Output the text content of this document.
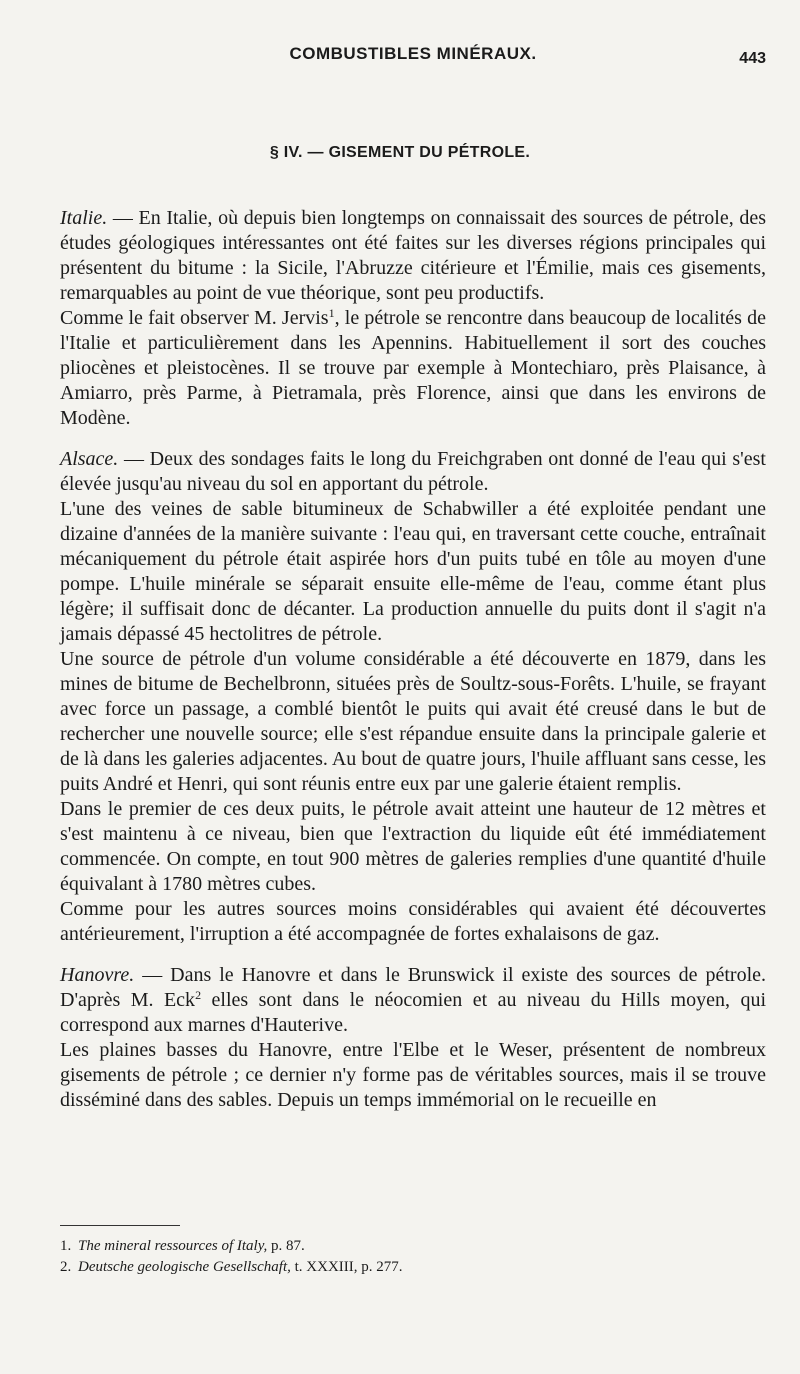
COMBUSTIBLES MINÉRAUX.	443
§ IV. — GISEMENT DU PÉTROLE.

Italie. — En Italie, où depuis bien longtemps on connaissait des sources de pétrole, des études géologiques intéressantes ont été faites sur les diverses régions principales qui présentent du bitume : la Sicile, l'Abruzze citérieure et l'Émilie, mais ces gisements, remarquables au point de vue théorique, sont peu productifs.

Comme le fait observer M. Jervis$^1$, le pétrole se rencontre dans beaucoup de localités de l'Italie et particulièrement dans les Apennins. Habituellement il sort des couches pliocènes et pleistocènes. Il se trouve par exemple à Montechiaro, près Plaisance, à Amiarro, près Parme, à Pietramala, près Florence, ainsi que dans les environs de Modène.

Alsace. — Deux des sondages faits le long du Freichgraben ont donné de l'eau qui s'est élevée jusqu'au niveau du sol en apportant du pétrole.

L'une des veines de sable bitumineux de Schabwiller a été exploitée pendant une dizaine d'années de la manière suivante : l'eau qui, en traversant cette couche, entraînait mécaniquement du pétrole était aspirée hors d'un puits tubé en tôle au moyen d'une pompe. L'huile minérale se séparait ensuite elle-même de l'eau, comme étant plus légère; il suffisait donc de décanter. La production annuelle du puits dont il s'agit n'a jamais dépassé 45 hectolitres de pétrole.

Une source de pétrole d'un volume considérable a été découverte en 1879, dans les mines de bitume de Bechelbronn, situées près de Soultz-sous-Forêts. L'huile, se frayant avec force un passage, a comblé bientôt le puits qui avait été creusé dans le but de rechercher une nouvelle source; elle s'est répandue ensuite dans la principale galerie et de là dans les galeries adjacentes. Au bout de quatre jours, l'huile affluant sans cesse, les puits André et Henri, qui sont réunis entre eux par une galerie étaient remplis.

Dans le premier de ces deux puits, le pétrole avait atteint une hauteur de 12 mètres et s'est maintenu à ce niveau, bien que l'extraction du liquide eût été immédiatement commencée. On compte, en tout 900 mètres de galeries remplies d'une quantité d'huile équivalant à 1780 mètres cubes.

Comme pour les autres sources moins considérables qui avaient été découvertes antérieurement, l'irruption a été accompagnée de fortes exhalaisons de gaz.

Hanovre. — Dans le Hanovre et dans le Brunswick il existe des sources de pétrole. D'après M. Eck$^2$ elles sont dans le néocomien et au niveau du Hills moyen, qui correspond aux marnes d'Hauterive.

Les plaines basses du Hanovre, entre l'Elbe et le Weser, présentent de nombreux gisements de pétrole ; ce dernier n'y forme pas de véritables sources, mais il se trouve disséminé dans des sables. Depuis un temps immémorial on le recueille en

1. The mineral ressources of Italy, p. 87.

2. Deutsche geologische Gesellschaft, t. XXXIII, p. 277.
